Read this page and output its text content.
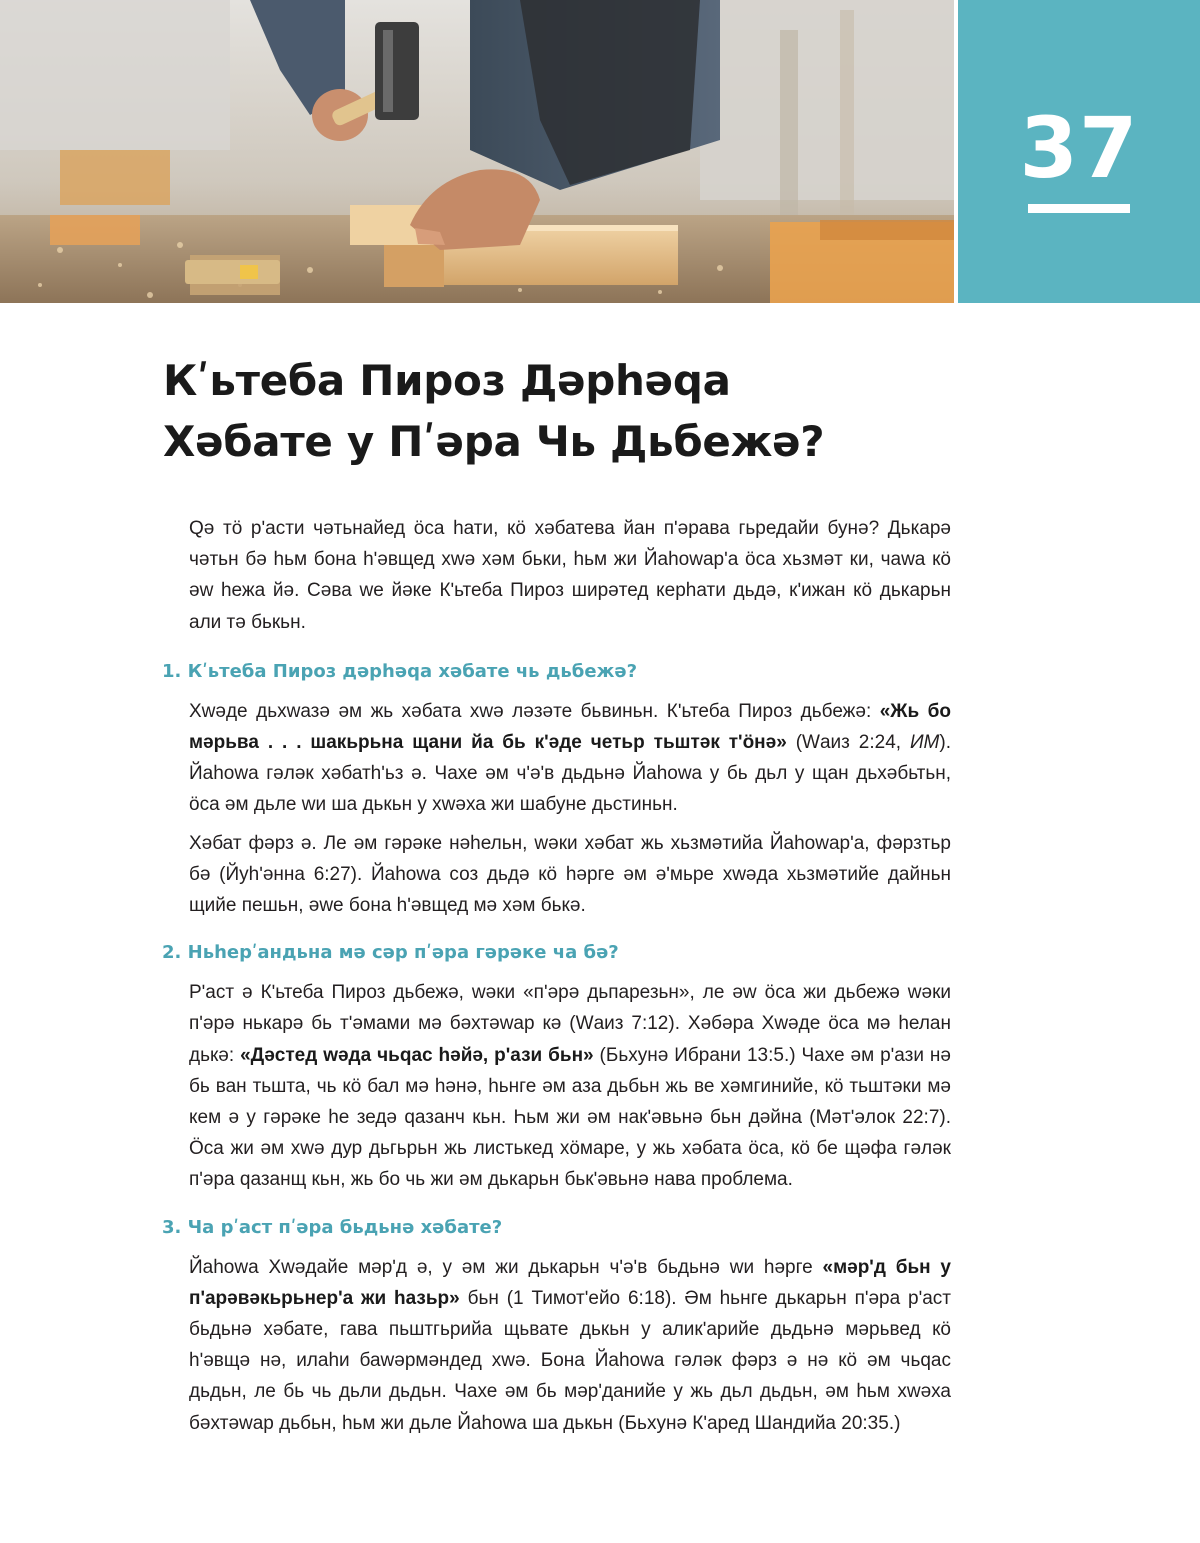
37
Кʹьтеба Пироз Дəрһəqа
Хəбате у Пʹəра Чь Дьбежə?

Qə тö рʹасти чəтьнайед öса һати, кö хəбатева йан пʹəрава гьредайи бунə? Дькарə чəтьн бə һьм бона һʹəвщед хwə хəм бьки, һьм жи Йаһоwарʹа öса хьзмəт ки, чаwа кö əw һежа йə. Сəва wе йəке Кʹьтеба Пироз ширəтед керһати дьдə, кʹижан кö дькарьн али тə бькьн.

1. Кʹьтеба Пироз дəрһəqа хəбате чь дьбежə?

Хwəде дьхwазə əм жь хəбата хwə лəзəте бьвиньн. Кʹьтеба Пироз дьбежə: «Жь бо мəрьва . . . шакьрьна щани йа бь кʹəде четьр тьштəк тʹöнə» (Wаиз 2:24, ИМ). Йаһоwа гəлəк хəбатһʹьз ə. Чахе əм чʹəʹв дьдьнə Йаһоwа у бь дьл у щан дьхəбьтьн, öса əм дьле wи ша дькьн у хwəха жи шабуне дьстиньн.

Хəбат фəрз ə. Ле əм гəрəке нəһельн, wəки хəбат жь хьзмəтийа Йаһоwарʹа, фəрзтьр бə (Йуһʹəнна 6:27). Йаһоwа соз дьдə кö һəрге əм əʹмьре хwəда хьзмəтийе дайньн щийе пешьн, əwе бона һʹəвщед мə хəм бькə.

2. Ньһерʹандьна мə сəр пʹəра гəрəке ча бə?

Рʹаст ə Кʹьтеба Пироз дьбежə, wəки «пʹəрə дьпарезьн», ле əw öса жи дьбежə wəки пʹəрə нькарə бь тʹəмами мə бəхтəwар кə (Wаиз 7:12). Хəбəра Хwəде öса мə һелан дькə: «Дəстед wəда чьqас һəйə, рʹази бьн» (Бьхунə Ибрани 13:5.) Чахе əм рʹази нə бь ван тьшта, чь кö бал мə һəнə, һьнге əм аза дьбьн жь ве хəмгинийе, кö тьштəки мə кем ə у гəрəке һе зедə qазанч кьн. Һьм жи əм накʹəвьнə бьн дəйна (Мəтʹəлок 22:7). Öса жи əм хwə дур дьгьрьн жь листькед хöмаре, у жь хəбата öса, кö бе щəфа гəлəк пʹəра qазанщ кьн, жь бо чь жи əм дькарьн бькʹəвьнə нава проблема.

3. Ча рʹаст пʹəра бьдьнə хəбате?

Йаһоwа Хwəдайе мəрʹд ə, у əм жи дькарьн чʹəʹв бьдьнə wи һəрге «мəрʹд бьн у пʹарəвəкьрьнерʹа жи һазьр» бьн (1 Тимотʹейо 6:18). Əм һьнге дькарьн пʹəра рʹаст бьдьнə хəбате, гава пьштгьрийа щьвате дькьн у аликʹарийе дьдьнə мəрьвед кö һʹəвщə нə, илаһи баwəрмəндед хwə. Бона Йаһоwа гəлəк фəрз ə нə кö əм чьqас дьдьн, ле бь чь дьли дьдьн. Чахе əм бь мəрʹданийе у жь дьл дьдьн, əм һьм хwəха бəхтəwар дьбьн, һьм жи дьле Йаһоwа ша дькьн (Бьхунə Кʹаред Шандийа 20:35.)
